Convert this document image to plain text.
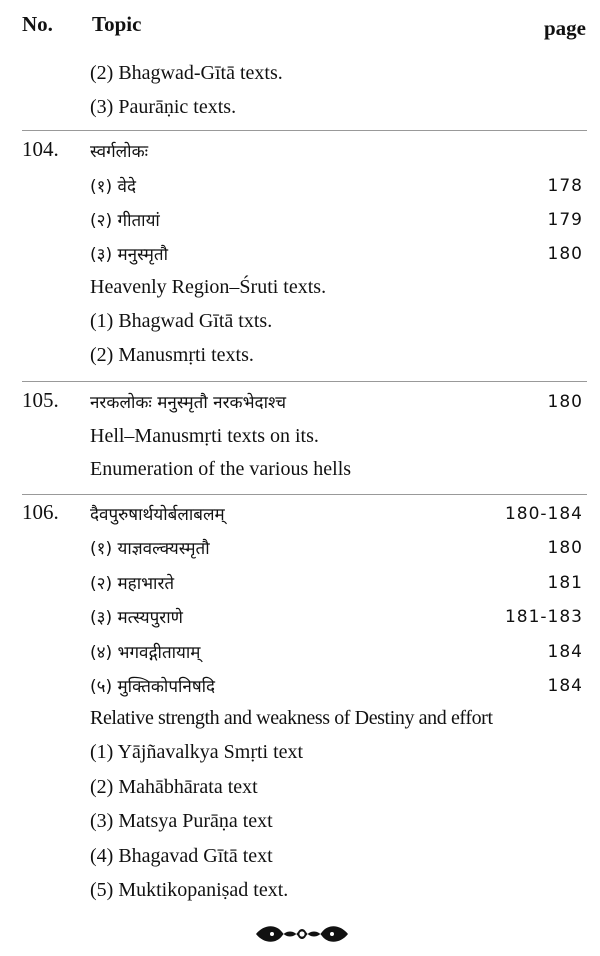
No. Topic	page
(2) Bhagwad-Gītā texts.
(3) Paurāṇic texts.
104. स्वर्गलोकः
(१) वेदे	178
(२) गीतायां	179
(३) मनुस्मृतौ	180
Heavenly Region–Śruti texts.
(1) Bhagwad Gītā txts.
(2) Manusmṛti texts.
105. नरकलोकः मनुस्मृतौ नरकभेदाश्च	180
Hell–Manusmṛti texts on its.
Enumeration of the various hells
106. दैवपुरुषार्थयोर्बलाबलम्	180-184
(१) याज्ञवल्क्यस्मृतौ	180
(२) महाभारते	181
(३) मत्स्यपुराणे	181-183
(४) भगवद्गीतायाम्	184
(५) मुक्तिकोपनिषदि	184
Relative strength and weakness of Destiny and effort
(1) Yājñavalkya Smṛti text
(2) Mahābhārata text
(3) Matsya Purāṇa text
(4) Bhagavad Gītā text
(5) Muktikopaniṣad text.
